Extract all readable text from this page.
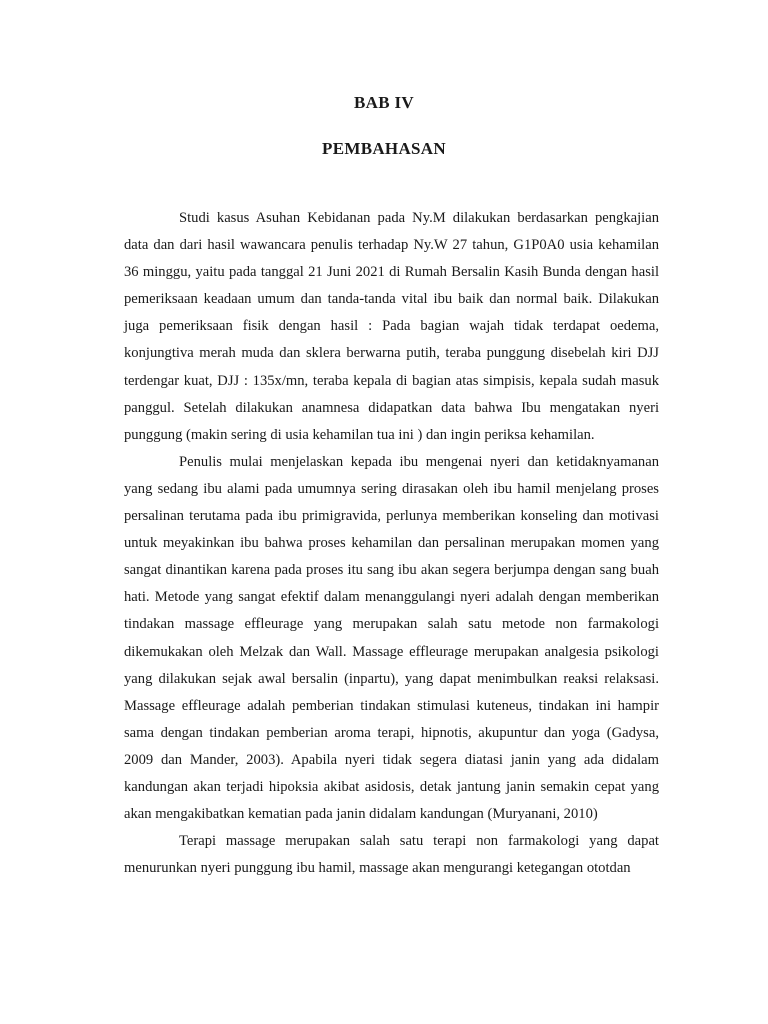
BAB IV
PEMBAHASAN

Studi kasus Asuhan Kebidanan pada Ny.M dilakukan berdasarkan pengkajian data dan dari hasil wawancara penulis terhadap Ny.W 27 tahun, G1P0A0 usia kehamilan 36 minggu, yaitu pada tanggal 21 Juni 2021 di Rumah Bersalin Kasih Bunda dengan hasil pemeriksaan keadaan umum dan tanda-tanda vital ibu baik dan normal baik. Dilakukan juga pemeriksaan fisik dengan hasil : Pada bagian wajah tidak terdapat oedema, konjungtiva merah muda dan sklera berwarna putih, teraba punggung disebelah kiri DJJ terdengar kuat, DJJ : 135x/mn, teraba kepala di bagian atas simpisis, kepala sudah masuk panggul. Setelah dilakukan anamnesa didapatkan data bahwa Ibu mengatakan nyeri punggung (makin sering di usia kehamilan tua ini ) dan ingin periksa kehamilan.

Penulis mulai menjelaskan kepada ibu mengenai nyeri dan ketidaknyamanan yang sedang ibu alami pada umumnya sering dirasakan oleh ibu hamil menjelang proses persalinan terutama pada ibu primigravida, perlunya memberikan konseling dan motivasi untuk meyakinkan ibu bahwa proses kehamilan dan persalinan merupakan momen yang sangat dinantikan karena pada proses itu sang ibu akan segera berjumpa dengan sang buah hati. Metode yang sangat efektif dalam menanggulangi nyeri adalah dengan memberikan tindakan massage effleurage yang merupakan salah satu metode non farmakologi dikemukakan oleh Melzak dan Wall. Massage effleurage merupakan analgesia psikologi yang dilakukan sejak awal bersalin (inpartu), yang dapat menimbulkan reaksi relaksasi. Massage effleurage adalah pemberian tindakan stimulasi kuteneus, tindakan ini hampir sama dengan tindakan pemberian aroma terapi, hipnotis, akupuntur dan yoga (Gadysa, 2009 dan Mander, 2003). Apabila nyeri tidak segera diatasi janin yang ada didalam kandungan akan terjadi hipoksia akibat asidosis, detak jantung janin semakin cepat yang akan mengakibatkan kematian pada janin didalam kandungan (Muryanani, 2010)

Terapi massage merupakan salah satu terapi non farmakologi yang dapat menurunkan nyeri punggung ibu hamil, massage akan mengurangi ketegangan ototdan
